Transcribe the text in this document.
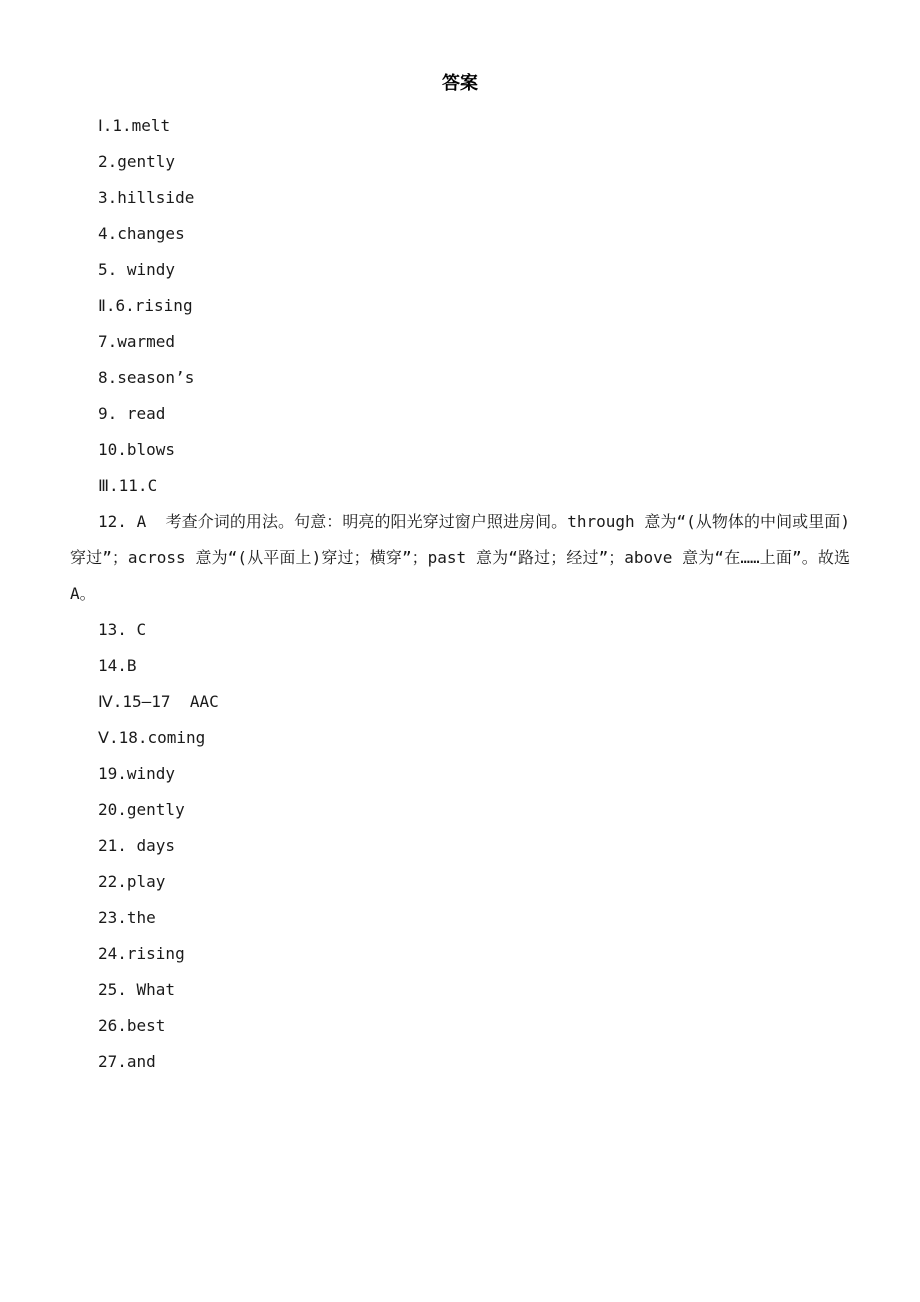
答案

Ⅰ.1.melt

2.gently

3.hillside

4.changes

5. windy

Ⅱ.6.rising

7.warmed

8.season’s

9. read

10.blows

Ⅲ.11.C

12. A  考查介词的用法。句意：明亮的阳光穿过窗户照进房间。through 意为“(从物体的中间或里面)穿过”；across 意为“(从平面上)穿过；横穿”；past 意为“路过；经过”；above 意为“在……上面”。故选A。

13. C

14.B

Ⅳ.15—17  AAC

Ⅴ.18.coming

19.windy

20.gently

21. days

22.play

23.the

24.rising

25. What

26.best

27.and
